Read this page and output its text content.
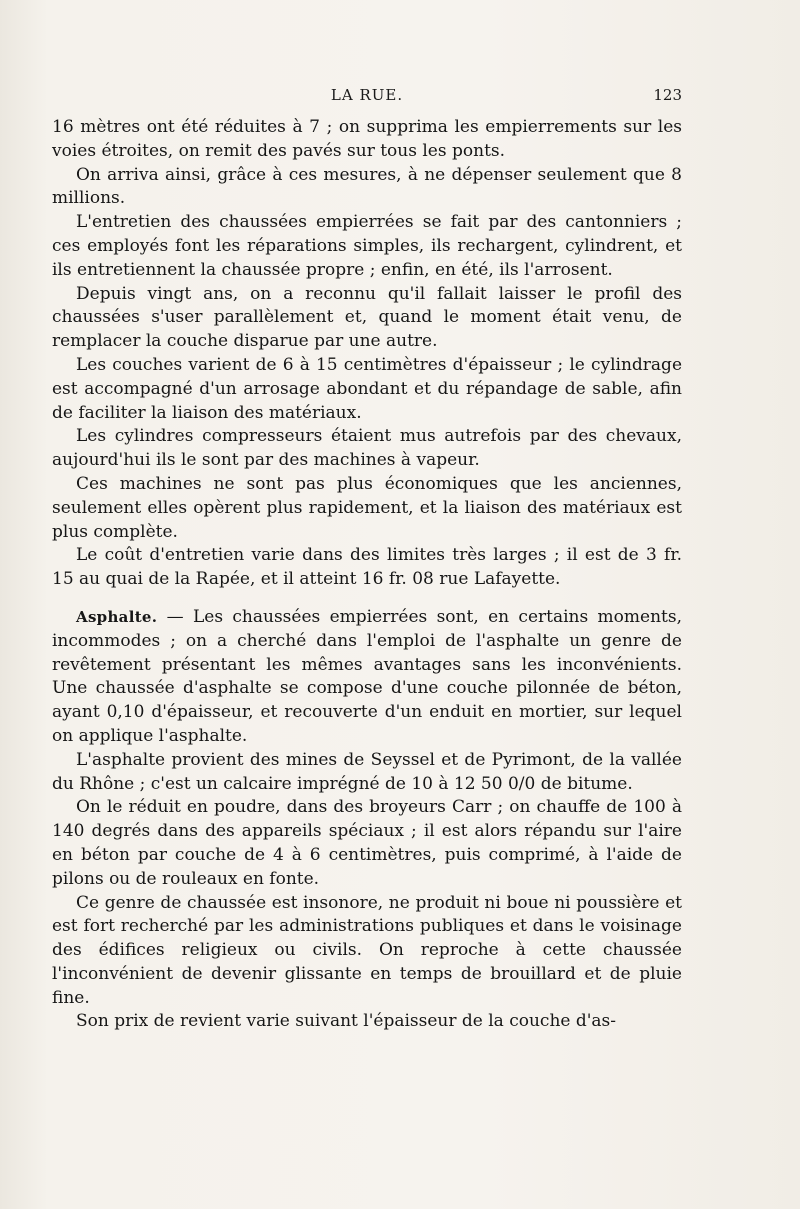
LA RUE.	123

16 mètres ont été réduites à 7 ; on supprima les empierrements sur les voies étroites, on remit des pavés sur tous les ponts.

On arriva ainsi, grâce à ces mesures, à ne dépenser seulement que 8 millions.

L'entretien des chaussées empierrées se fait par des cantonniers ; ces employés font les réparations simples, ils rechargent, cylindrent, et ils entretiennent la chaussée propre ; enfin, en été, ils l'arrosent.

Depuis vingt ans, on a reconnu qu'il fallait laisser le profil des chaussées s'user parallèlement et, quand le moment était venu, de remplacer la couche disparue par une autre.

Les couches varient de 6 à 15 centimètres d'épaisseur ; le cylindrage est accompagné d'un arrosage abondant et du répandage de sable, afin de faciliter la liaison des matériaux.

Les cylindres compresseurs étaient mus autrefois par des chevaux, aujourd'hui ils le sont par des machines à vapeur.

Ces machines ne sont pas plus économiques que les anciennes, seulement elles opèrent plus rapidement, et la liaison des matériaux est plus complète.

Le coût d'entretien varie dans des limites très larges ; il est de 3 fr. 15 au quai de la Rapée, et il atteint 16 fr. 08 rue Lafayette.

Asphalte. — Les chaussées empierrées sont, en certains moments, incommodes ; on a cherché dans l'emploi de l'asphalte un genre de revêtement présentant les mêmes avantages sans les inconvénients. Une chaussée d'asphalte se compose d'une couche pilonnée de béton, ayant 0,10 d'épaisseur, et recouverte d'un enduit en mortier, sur lequel on applique l'asphalte.

L'asphalte provient des mines de Seyssel et de Pyrimont, de la vallée du Rhône ; c'est un calcaire imprégné de 10 à 12 50 0/0 de bitume.

On le réduit en poudre, dans des broyeurs Carr ; on chauffe de 100 à 140 degrés dans des appareils spéciaux ; il est alors répandu sur l'aire en béton par couche de 4 à 6 centimètres, puis comprimé, à l'aide de pilons ou de rouleaux en fonte.

Ce genre de chaussée est insonore, ne produit ni boue ni poussière et est fort recherché par les administrations publiques et dans le voisinage des édifices religieux ou civils. On reproche à cette chaussée l'inconvénient de devenir glissante en temps de brouillard et de pluie fine.

Son prix de revient varie suivant l'épaisseur de la couche d'as-
